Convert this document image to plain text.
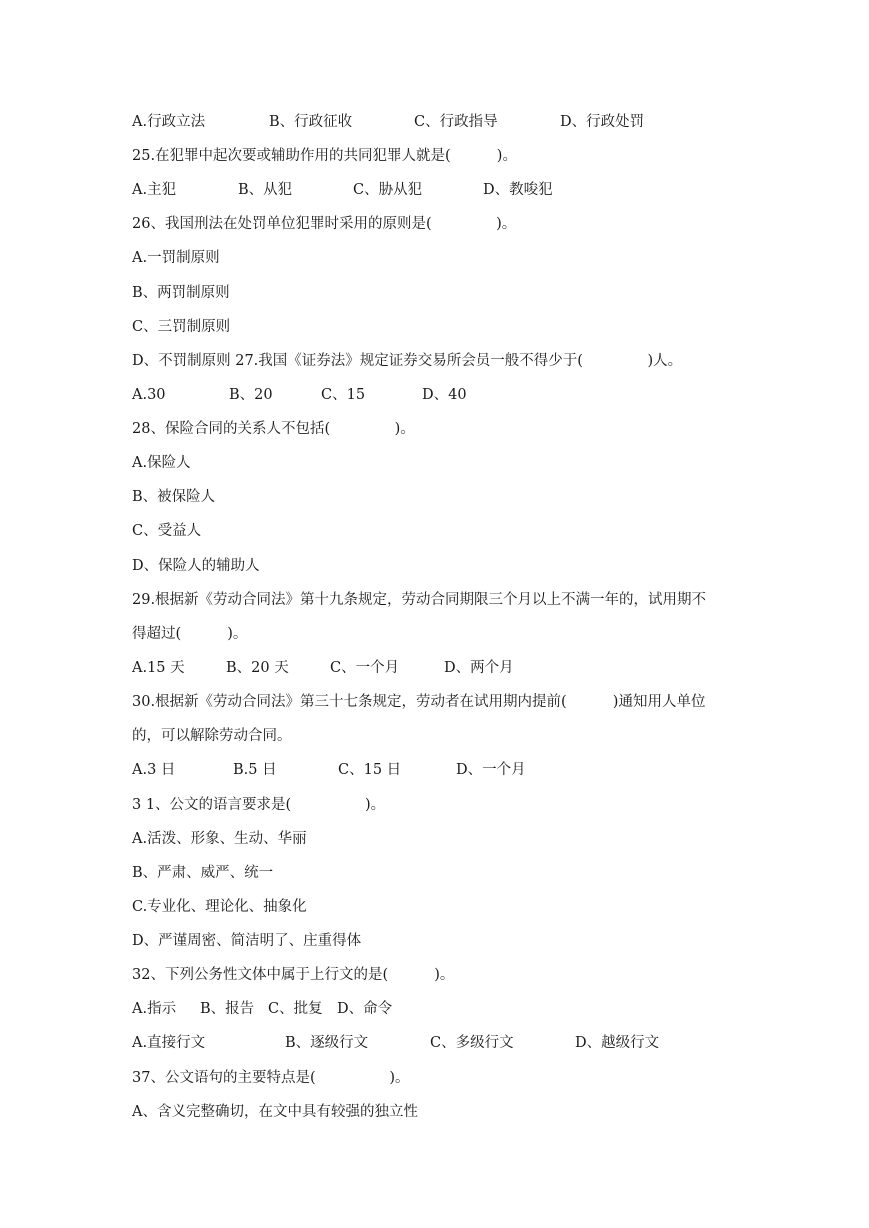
A.行政立法	B、行政征收	C、行政指导	D、行政处罚
25.在犯罪中起次要或辅助作用的共同犯罪人就是(          )。
A.主犯	B、从犯	C、胁从犯	D、教唆犯
26、我国刑法在处罚单位犯罪时采用的原则是(              )。
A.一罚制原则
B、两罚制原则
C、三罚制原则
D、不罚制原则 27.我国《证券法》规定证券交易所会员一般不得少于(              )人。
A.30	B、20	C、15	D、40
28、保险合同的关系人不包括(              )。
A.保险人
B、被保险人
C、受益人
D、保险人的辅助人
29.根据新《劳动合同法》第十九条规定，劳动合同期限三个月以上不满一年的，试用期不
得超过(          )。
A.15 天	B、20 天	C、一个月	D、两个月
30.根据新《劳动合同法》第三十七条规定，劳动者在试用期内提前(          )通知用人单位
的，可以解除劳动合同。
A.3 日	B.5 日	C、15 日	D、一个月
3 1、公文的语言要求是(                )。
A.活泼、形象、生动、华丽
B、严肃、威严、统一
C.专业化、理论化、抽象化
D、严谨周密、简洁明了、庄重得体
32、下列公务性文体中属于上行文的是(          )。
A.指示 B、报告 C、批复 D、命令
A.直接行文	B、逐级行文	C、多级行文	D、越级行文
37、公文语句的主要特点是(                )。
A、含义完整确切，在文中具有较强的独立性
